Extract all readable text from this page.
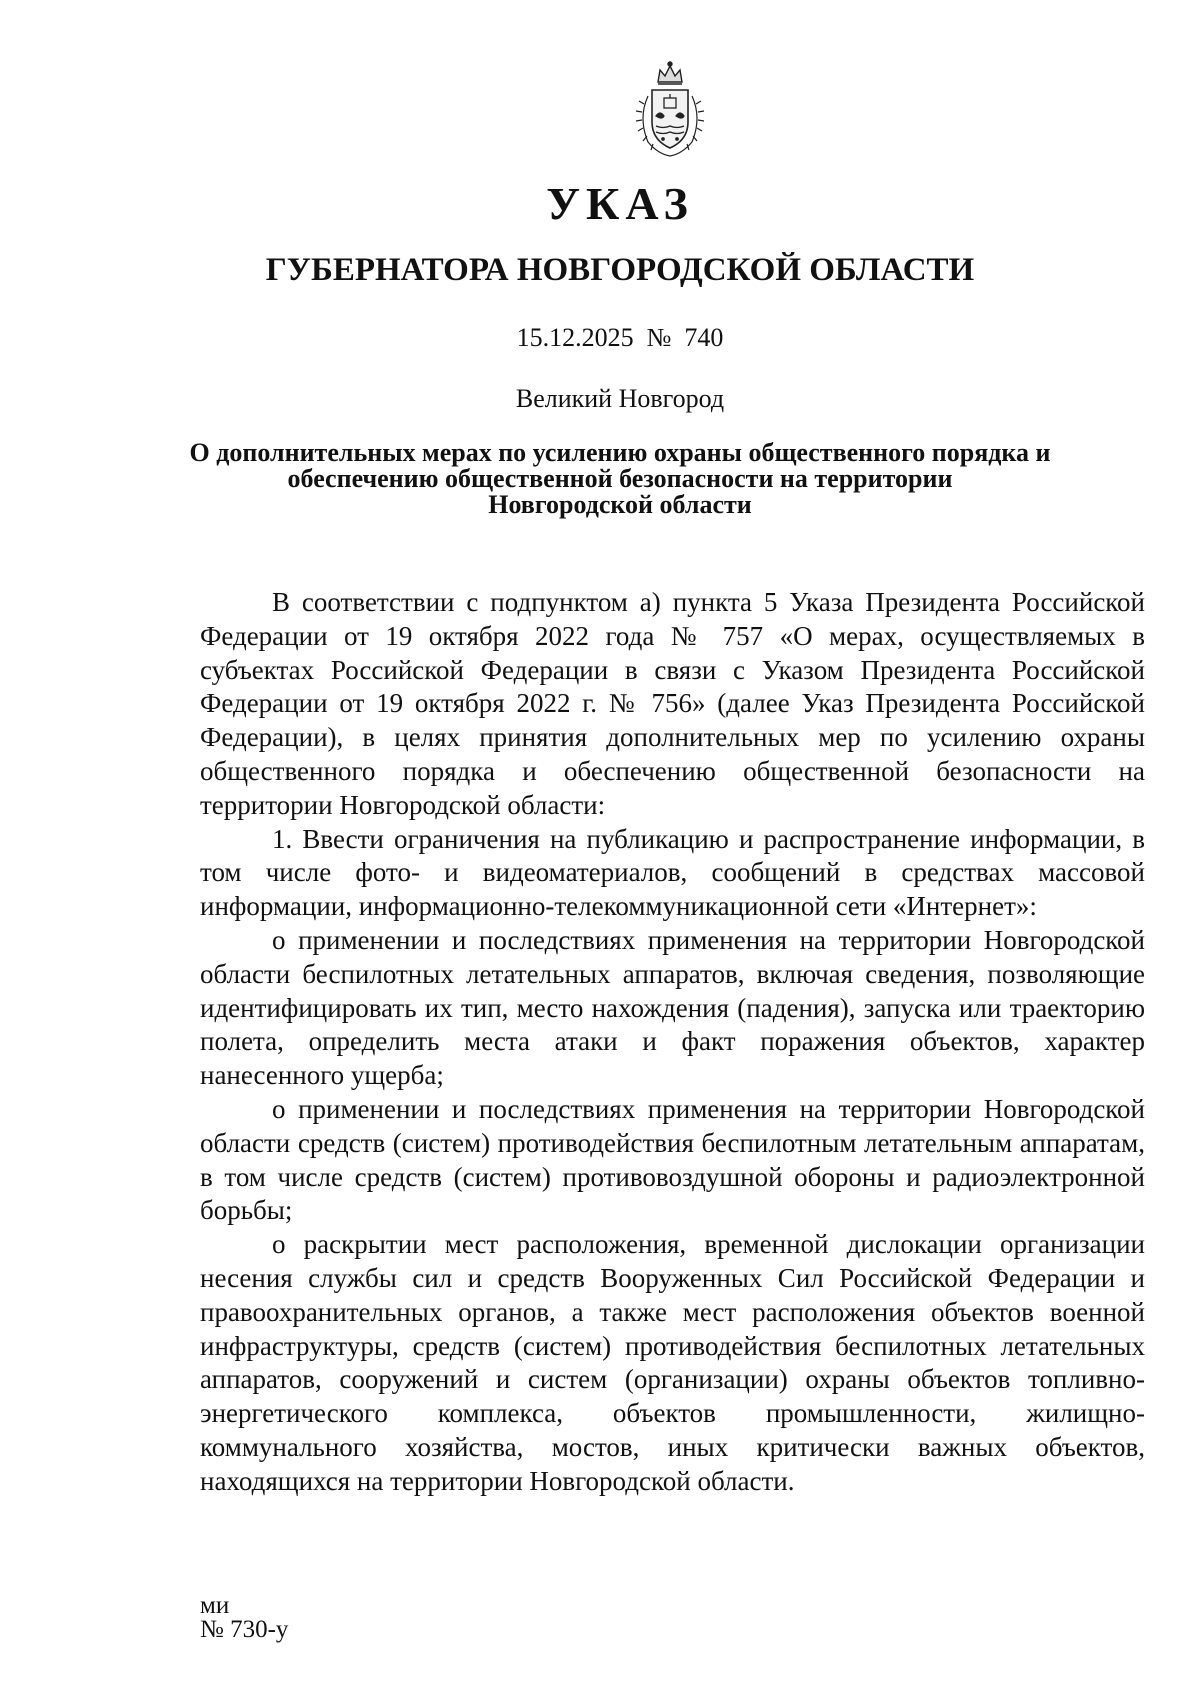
УКАЗ
ГУБЕРНАТОРА НОВГОРОДСКОЙ ОБЛАСТИ
15.12.2025 № 740
Великий Новгород
О дополнительных мерах по усилению охраны общественного порядка и
обеспечению общественной безопасности на территории
Новгородской области

В соответствии с подпунктом а) пункта 5 Указа Президента Российской Федерации от 19 октября 2022 года № 757 «О мерах, осуществляемых в субъектах Российской Федерации в связи с Указом Президента Российской Федерации от 19 октября 2022 г. № 756» (далее Указ Президента Российской Федерации), в целях принятия дополнительных мер по усилению охраны общественного порядка и обеспечению общественной безопасности на территории Новгородской области:

1. Ввести ограничения на публикацию и распространение информации, в том числе фото- и видеоматериалов, сообщений в средствах массовой информации, информационно-телекоммуникационной сети «Интернет»:

о применении и последствиях применения на территории Новгородской области беспилотных летательных аппаратов, включая сведения, позволяющие идентифицировать их тип, место нахождения (падения), запуска или траекторию полета, определить места атаки и факт поражения объектов, характер нанесенного ущерба;

о применении и последствиях применения на территории Новгородской области средств (систем) противодействия беспилотным летательным аппаратам, в том числе средств (систем) противовоздушной обороны и радиоэлектронной борьбы;

о раскрытии мест расположения, временной дислокации организации несения службы сил и средств Вооруженных Сил Российской Федерации и правоохранительных органов, а также мест расположения объектов военной инфраструктуры, средств (систем) противодействия беспилотных летательных аппаратов, сооружений и систем (организации) охраны объектов топливно-энергетического комплекса, объектов промышленности, жилищно-коммунального хозяйства, мостов, иных критически важных объектов, находящихся на территории Новгородской области.

ми
№ 730-у
